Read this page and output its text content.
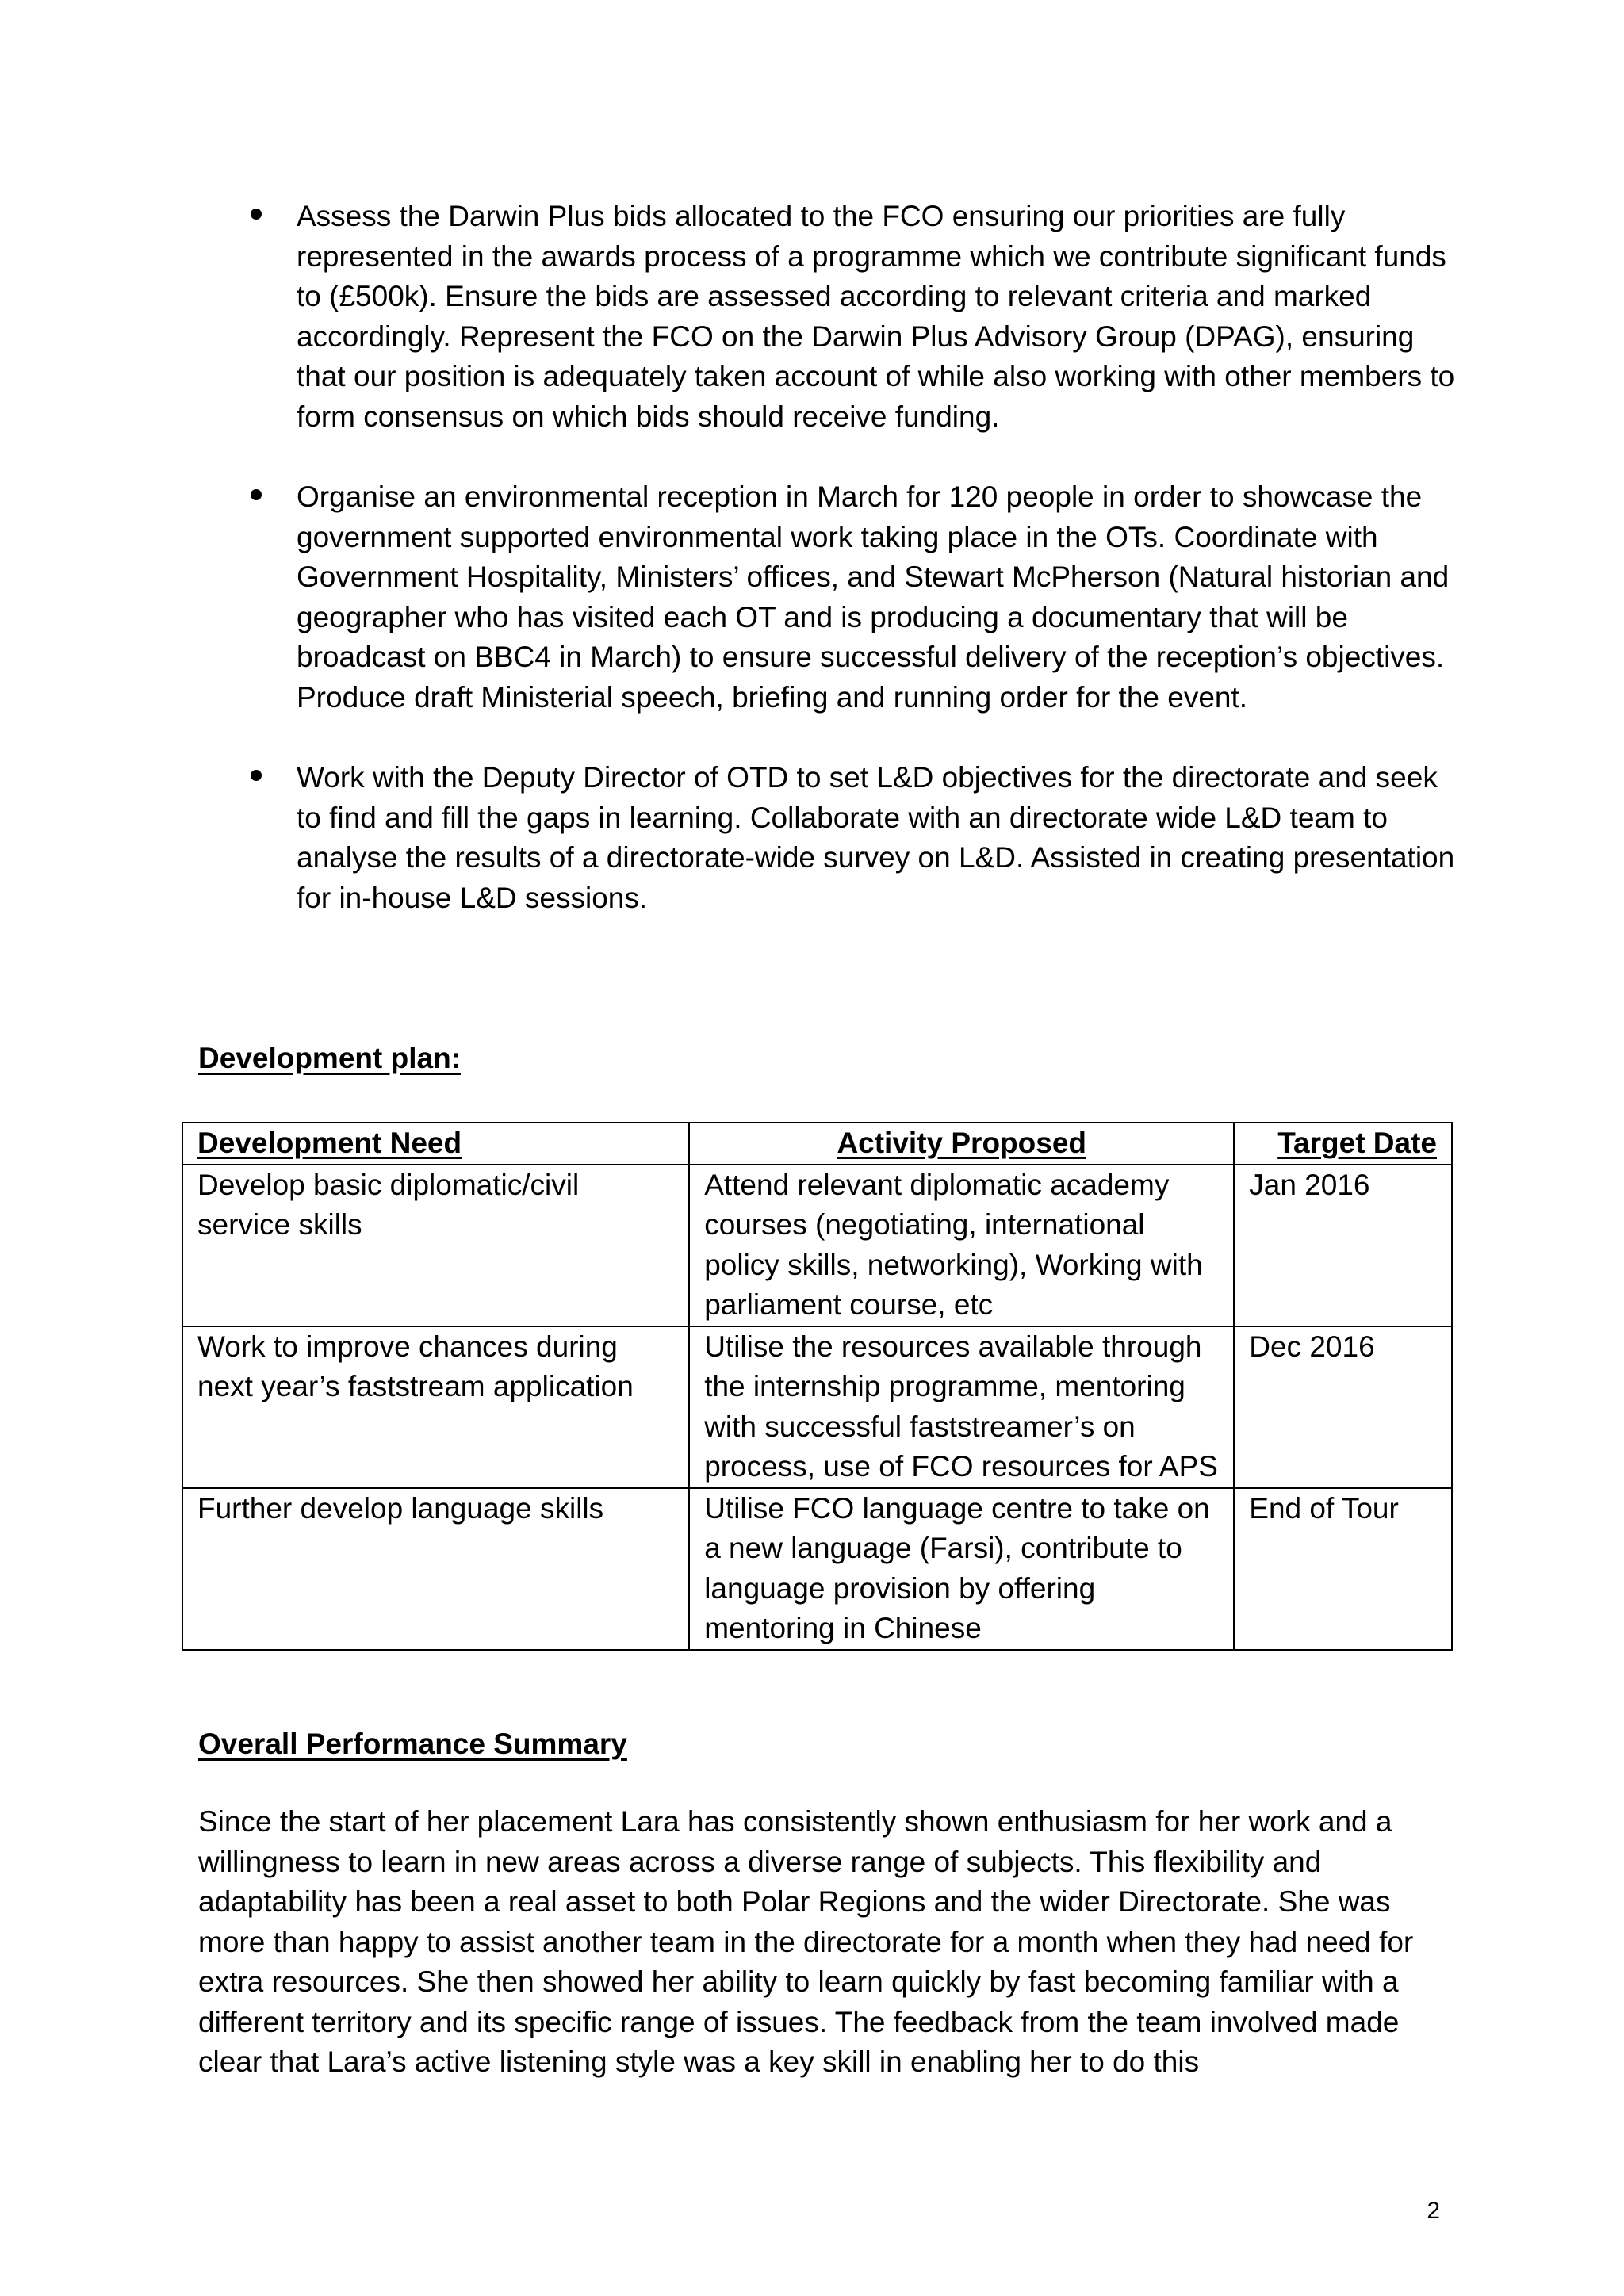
Assess the Darwin Plus bids allocated to the FCO ensuring our priorities are fully represented in the awards process of a programme which we contribute significant funds to (£500k). Ensure the bids are assessed according to relevant criteria and marked accordingly. Represent the FCO on the Darwin Plus Advisory Group (DPAG), ensuring that our position is adequately taken account of while also working with other members to form consensus on which bids should receive funding.
Organise an environmental reception in March for 120 people in order to showcase the government supported environmental work taking place in the OTs. Coordinate with Government Hospitality, Ministers’ offices, and Stewart McPherson (Natural historian and geographer who has visited each OT and is producing a documentary that will be broadcast on BBC4 in March) to ensure successful delivery of the reception’s objectives. Produce draft Ministerial speech, briefing and running order for the event.
Work with the Deputy Director of OTD to set L&D objectives for the directorate and seek to find and fill the gaps in learning. Collaborate with an directorate wide L&D team to analyse the results of a directorate-wide survey on L&D. Assisted in creating presentation for in-house L&D sessions.

Development plan:

Development Need	Activity Proposed	Target Date
Develop basic diplomatic/civil service skills	Attend relevant diplomatic academy courses (negotiating, international policy skills, networking), Working with parliament course, etc	Jan 2016
Work to improve chances during next year’s faststream application	Utilise the resources available through the internship programme, mentoring with successful faststreamer’s on process, use of FCO resources for APS	Dec 2016
Further develop language skills	Utilise FCO language centre to take on a new language (Farsi), contribute to language provision by offering mentoring in Chinese	End of Tour

Overall Performance Summary

Since the start of her placement Lara has consistently shown enthusiasm for her work and a willingness to learn in new areas across a diverse range of subjects. This flexibility and adaptability has been a real asset to both Polar Regions and the wider Directorate. She was more than happy to assist another team in the directorate for a month when they had need for extra resources. She then showed her ability to learn quickly by fast becoming familiar with a different territory and its specific range of issues. The feedback from the team involved made clear that Lara’s active listening style was a key skill in enabling her to do this

2
